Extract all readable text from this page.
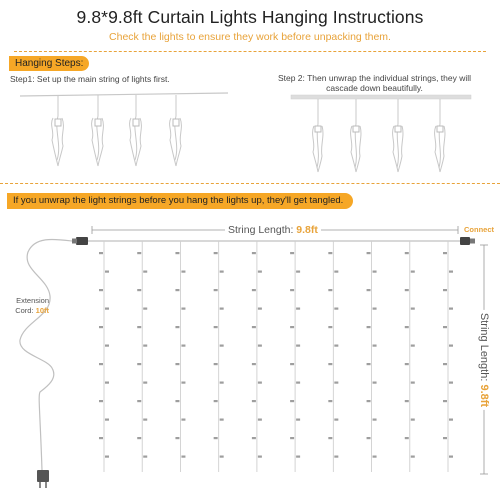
9.8*9.8ft Curtain Lights Hanging Instructions
Check the lights to ensure they work before unpacking them.
Hanging Steps:
Step1: Set up the main string of lights first.	Step 2: Then unwrap the individual strings, they will cascade down beautifully.
If you unwrap the light strings before you hang the lights up, they'll get tangled.
String Length: 9.8ft	Connect
String Length: 9.8ft
Extension Cord: 10ft
